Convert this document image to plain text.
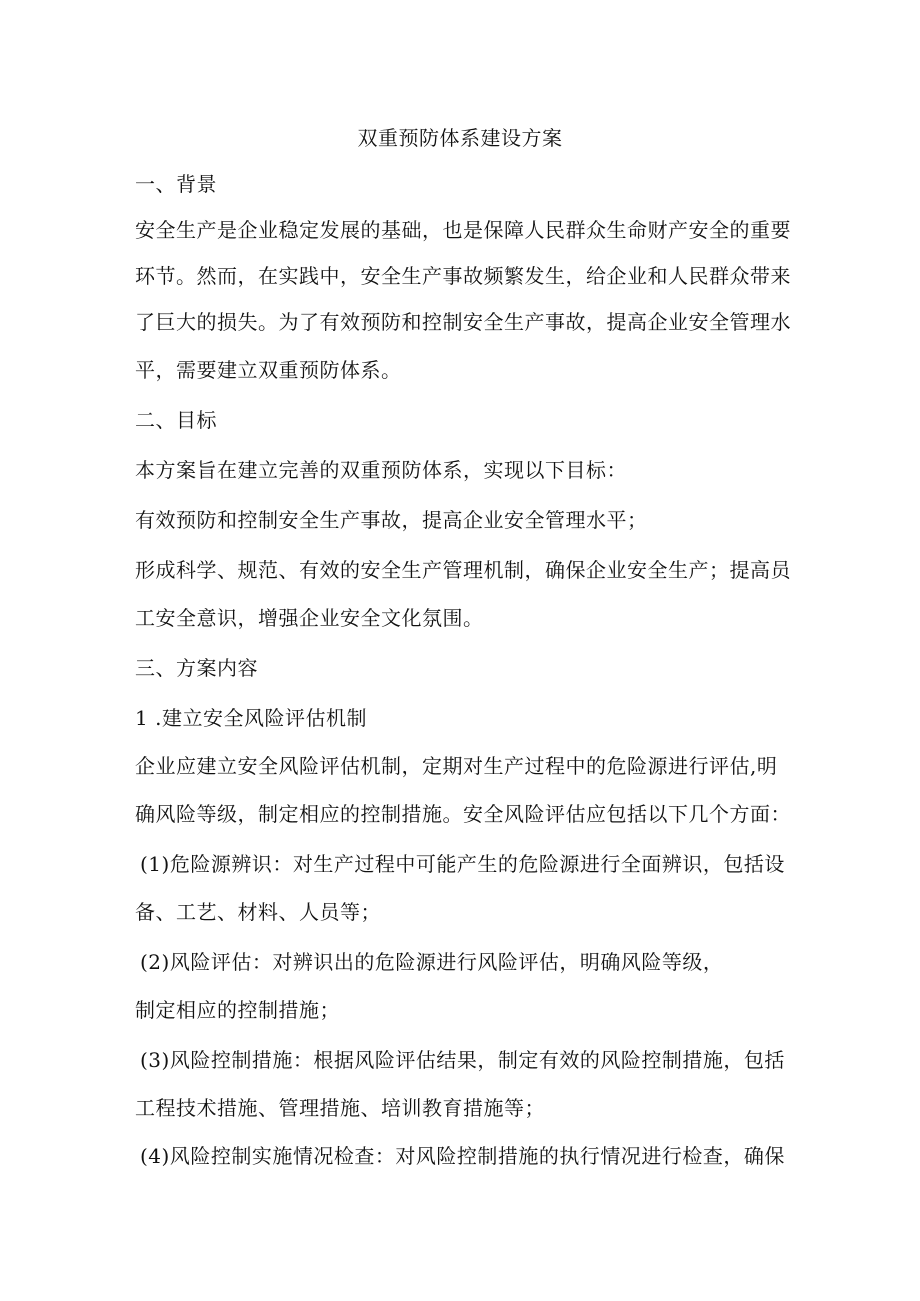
双重预防体系建设方案
一、背景
安全生产是企业稳定发展的基础，也是保障人民群众生命财产安全的重要
环节。然而，在实践中，安全生产事故频繁发生，给企业和人民群众带来
了巨大的损失。为了有效预防和控制安全生产事故，提高企业安全管理水
平，需要建立双重预防体系。
二、目标
本方案旨在建立完善的双重预防体系，实现以下目标：
有效预防和控制安全生产事故，提高企业安全管理水平；
形成科学、规范、有效的安全生产管理机制，确保企业安全生产；提高员
工安全意识，增强企业安全文化氛围。
三、方案内容
1 .建立安全风险评估机制
企业应建立安全风险评估机制，定期对生产过程中的危险源进行评估,明
确风险等级，制定相应的控制措施。安全风险评估应包括以下几个方面：
(1)危险源辨识：对生产过程中可能产生的危险源进行全面辨识，包括设
备、工艺、材料、人员等；
(2)风险评估：对辨识出的危险源进行风险评估，明确风险等级，
制定相应的控制措施；
(3)风险控制措施：根据风险评估结果，制定有效的风险控制措施，包括
工程技术措施、管理措施、培训教育措施等；
(4)风险控制实施情况检查：对风险控制措施的执行情况进行检查，确保
